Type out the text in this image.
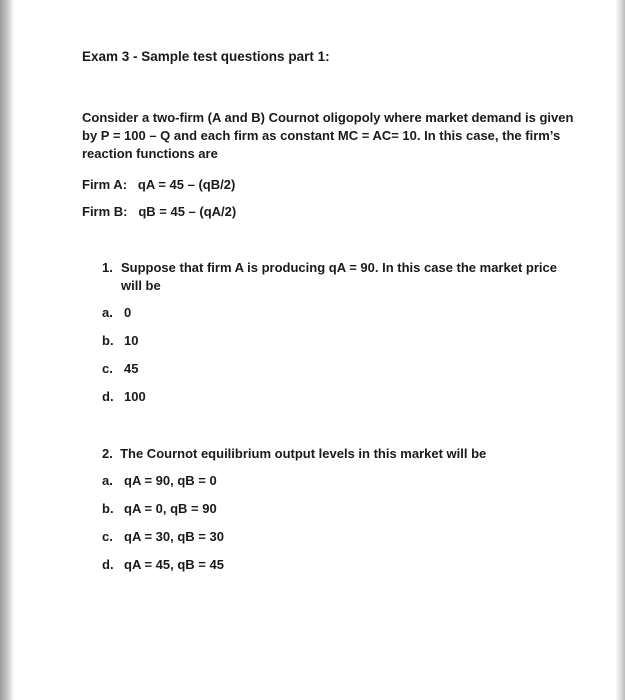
Exam 3 - Sample test questions part 1:
Consider a two-firm (A and B) Cournot oligopoly where market demand is given by P = 100 – Q and each firm as constant MC = AC= 10. In this case, the firm’s reaction functions are
Firm A: qA = 45 – (qB/2)
Firm B: qB = 45 – (qA/2)
1. Suppose that firm A is producing qA = 90. In this case the market price will be
a. 0
b. 10
c. 45
d. 100
2. The Cournot equilibrium output levels in this market will be
a. qA = 90, qB = 0
b. qA = 0, qB = 90
c. qA = 30, qB = 30
d. qA = 45, qB = 45
